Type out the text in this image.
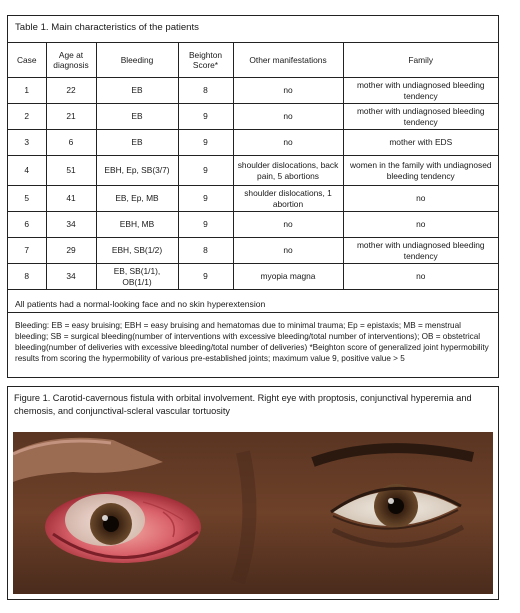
Table 1. Main characteristics of the patients
Case	Age at diagnosis	Bleeding	Beighton Score*	Other manifestations	Family
1	22	EB	8	no	mother with undiagnosed bleeding tendency
2	21	EB	9	no	mother with undiagnosed bleeding tendency
3	6	EB	9	no	mother with EDS
4	51	EBH, Ep, SB(3/7)	9	shoulder dislocations, back pain, 5 abortions	women in the family with undiagnosed bleeding tendency
5	41	EB, Ep, MB	9	shoulder dislocations, 1 abortion	no
6	34	EBH, MB	9	no	no
7	29	EBH, SB(1/2)	8	no	mother with undiagnosed bleeding tendency
8	34	EB, SB(1/1), OB(1/1)	9	myopia magna	no
All patients had a normal-looking face and no skin hyperextension
Bleeding: EB = easy bruising; EBH = easy bruising and hematomas due to minimal trauma; Ep = epistaxis; MB = menstrual bleeding; SB = surgical bleeding(number of interventions with excessive bleeding/total number of interventions); OB = obstetrical bleeding(number of deliveries with excessive bleeding/total number of deliveries) *Beighton score of generalized joint hypermobility results from scoring the hypermobility of various pre-established joints; maximum value 9, positive value > 5
Figure 1. Carotid-cavernous fistula with orbital involvement. Right eye with proptosis, conjunctival hyperemia and chemosis, and conjunctival-scleral vascular tortuosity
